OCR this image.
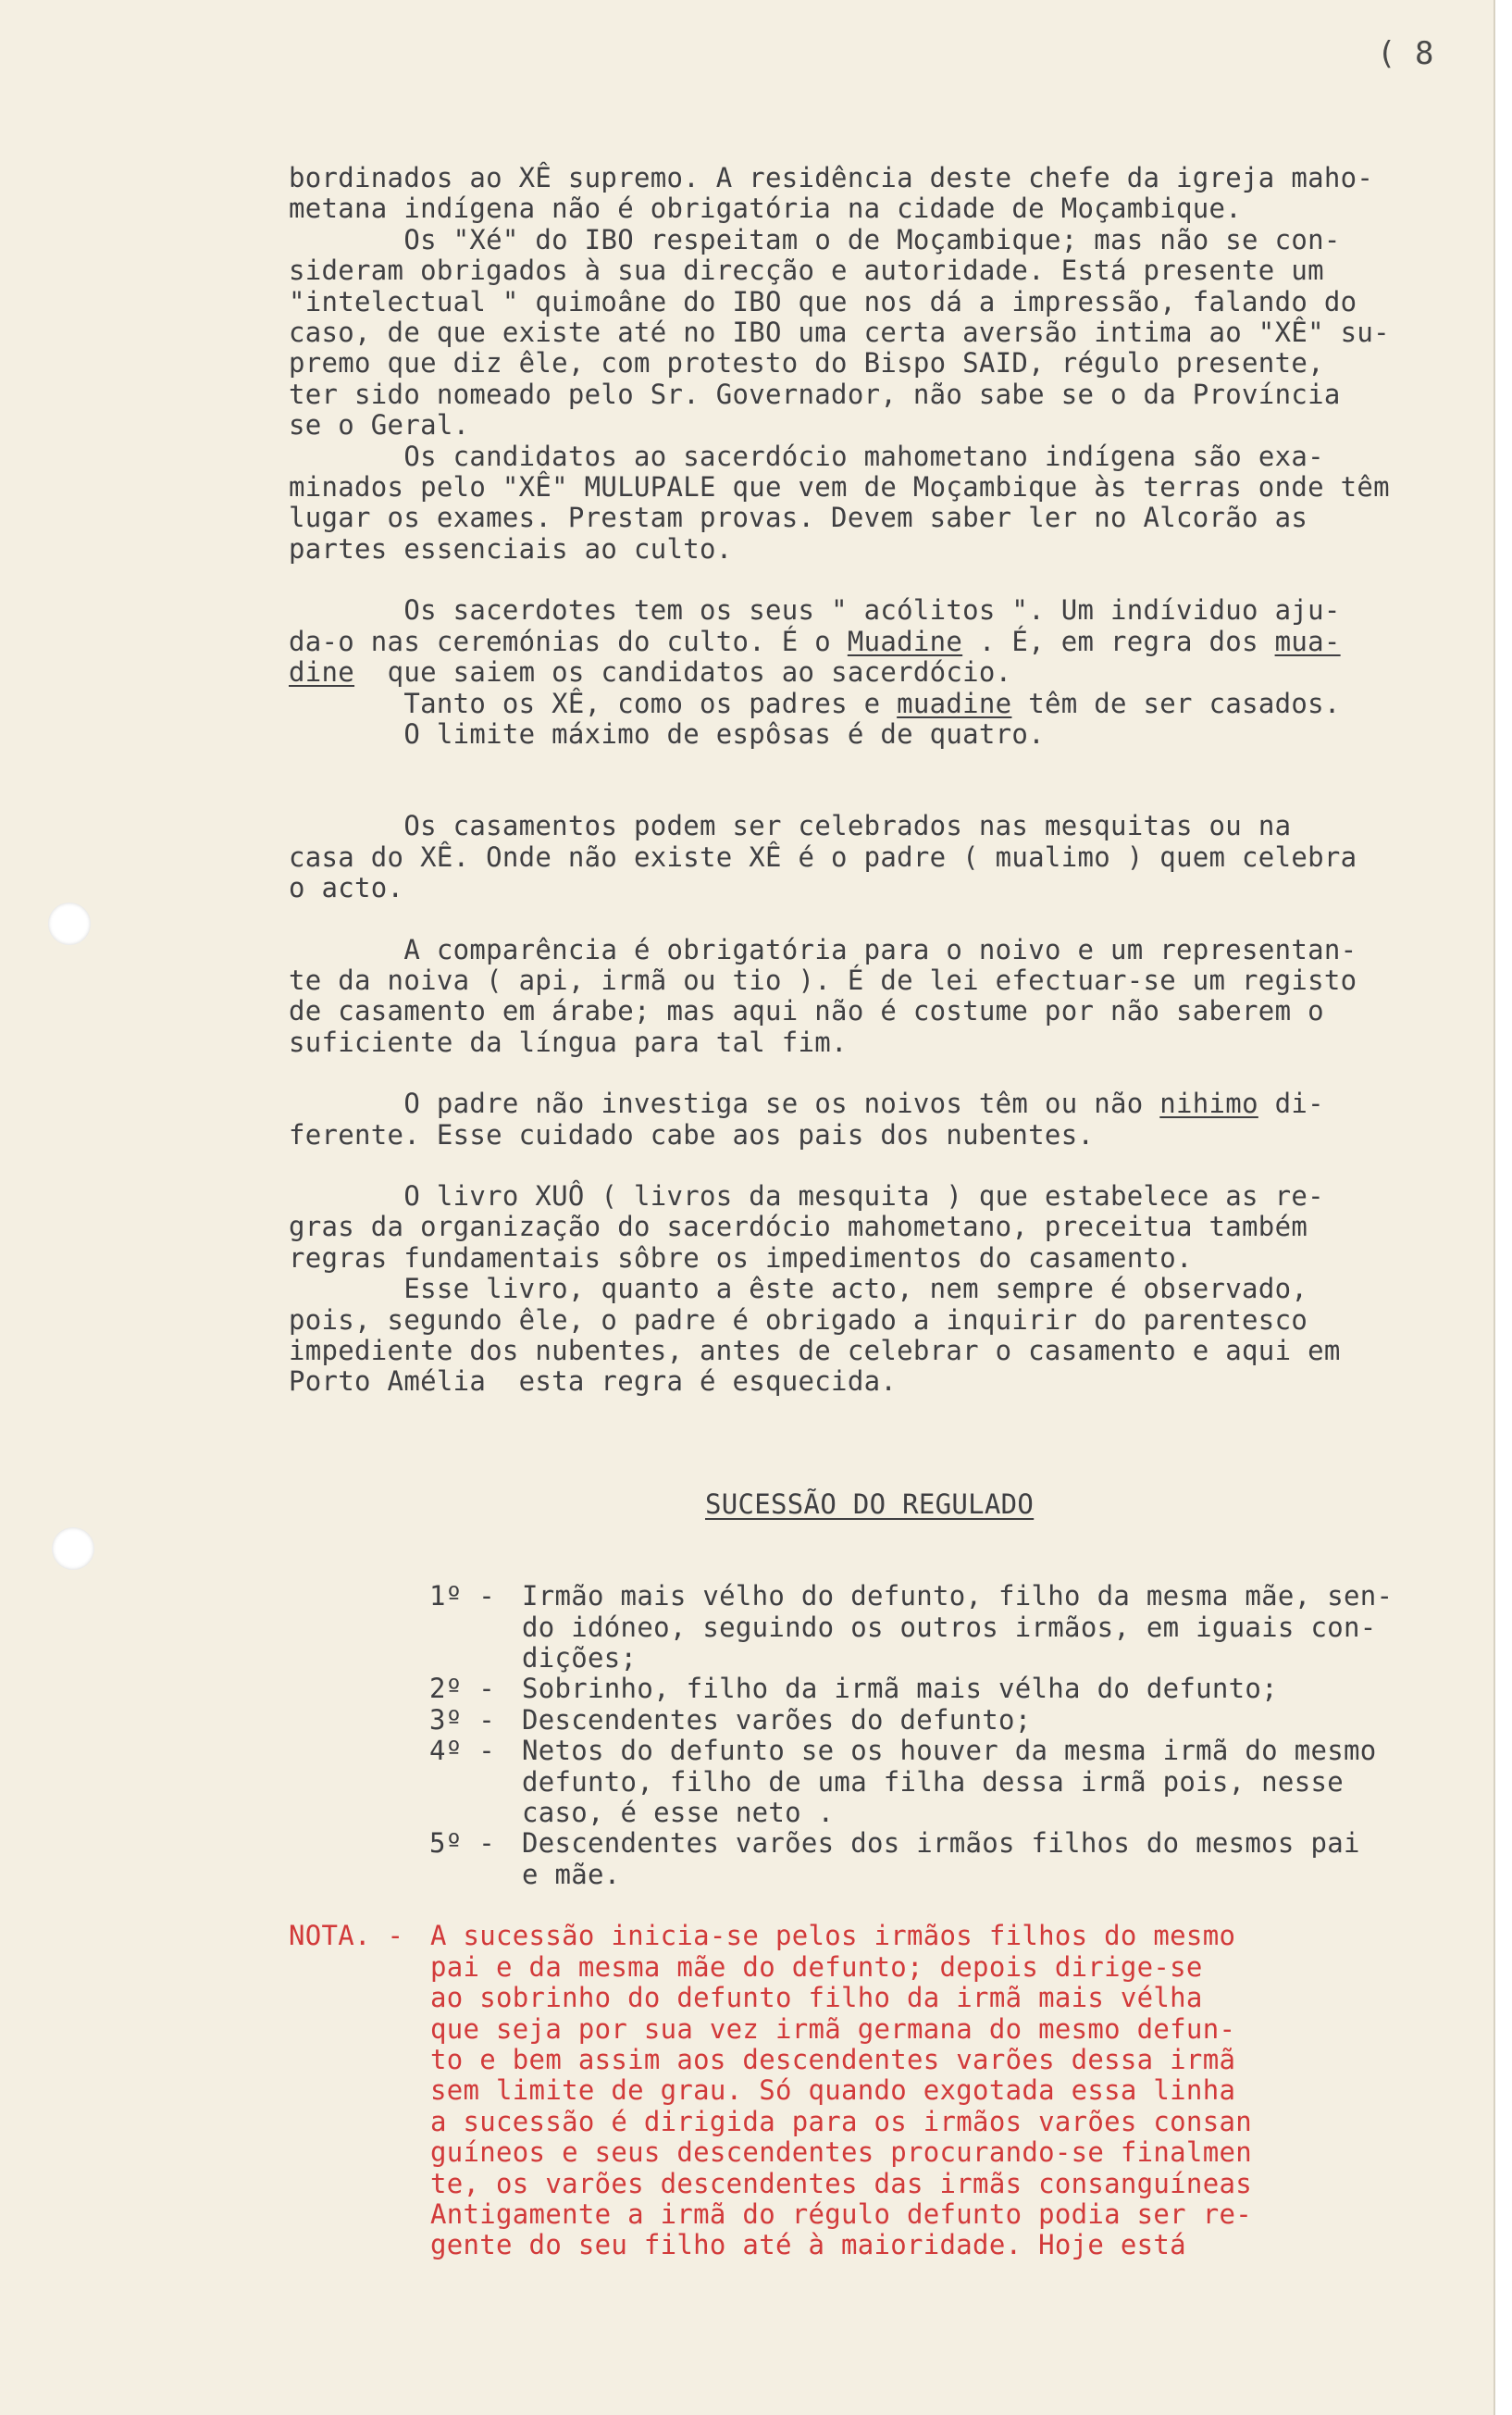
( 8

bordinados ao XÊ supremo. A residência deste chefe da igreja maho-
metana indígena não é obrigatória na cidade de Moçambique.

Os "Xé" do IBO respeitam o de Moçambique; mas não se con-
sideram obrigados à sua direcção e autoridade. Está presente um
"intelectual " quimoâne do IBO que nos dá a impressão, falando do
caso, de que existe até no IBO uma certa aversão intima ao "XÊ" su-
premo que diz êle, com protesto do Bispo SAID, régulo presente,
ter sido nomeado pelo Sr. Governador, não sabe se o da Província
se o Geral.

Os candidatos ao sacerdócio mahometano indígena são exa-
minados pelo "XÊ" MULUPALE que vem de Moçambique às terras onde têm
lugar os exames. Prestam provas. Devem saber ler no Alcorão as
partes essenciais ao culto.

Os sacerdotes tem os seus " acólitos ". Um indíviduo aju-
da-o nas ceremónias do culto. É o Muadine . É, em regra dos mua-
dine  que saiem os candidatos ao sacerdócio.

Tanto os XÊ, como os padres e muadine têm de ser casados.
O limite máximo de espôsas é de quatro.

Os casamentos podem ser celebrados nas mesquitas ou na
casa do XÊ. Onde não existe XÊ é o padre ( mualimo ) quem celebra
o acto.

A comparência é obrigatória para o noivo e um representan-
te da noiva ( api, irmã ou tio ). É de lei efectuar-se um registo
de casamento em árabe; mas aqui não é costume por não saberem o
suficiente da língua para tal fim.

O padre não investiga se os noivos têm ou não nihimo di-
ferente. Esse cuidado cabe aos pais dos nubentes.

O livro XUÔ ( livros da mesquita ) que estabelece as re-
gras da organização do sacerdócio mahometano, preceitua também
regras fundamentais sôbre os impedimentos do casamento.
Esse livro, quanto a êste acto, nem sempre é observado,
pois, segundo êle, o padre é obrigado a inquirir do parentesco
impediente dos nubentes, antes de celebrar o casamento e aqui em
Porto Amélia  esta regra é esquecida.

SUCESSÃO DO REGULADO

1º - Irmão mais vélho do defunto, filho da mesma mãe, sen-
do idóneo, seguindo os outros irmãos, em iguais con-
dições;
2º - Sobrinho, filho da irmã mais vélha do defunto;
3º - Descendentes varões do defunto;
4º - Netos do defunto se os houver da mesma irmã do mesmo
defunto, filho de uma filha dessa irmã pois, nesse
caso, é esse neto .
5º - Descendentes varões dos irmãos filhos do mesmos pai
e mãe.
NOTA. - A sucessão inicia-se pelos irmãos filhos do mesmo
pai e da mesma mãe do defunto; depois dirige-se
ao sobrinho do defunto filho da irmã mais vélha
que seja por sua vez irmã germana do mesmo defun-
to e bem assim aos descendentes varões dessa irmã
sem limite de grau. Só quando exgotada essa linha
a sucessão é dirigida para os irmãos varões consan
guíneos e seus descendentes procurando-se finalmen
te, os varões descendentes das irmãs consanguíneas
Antigamente a irmã do régulo defunto podia ser re-
gente do seu filho até à maioridade. Hoje está
